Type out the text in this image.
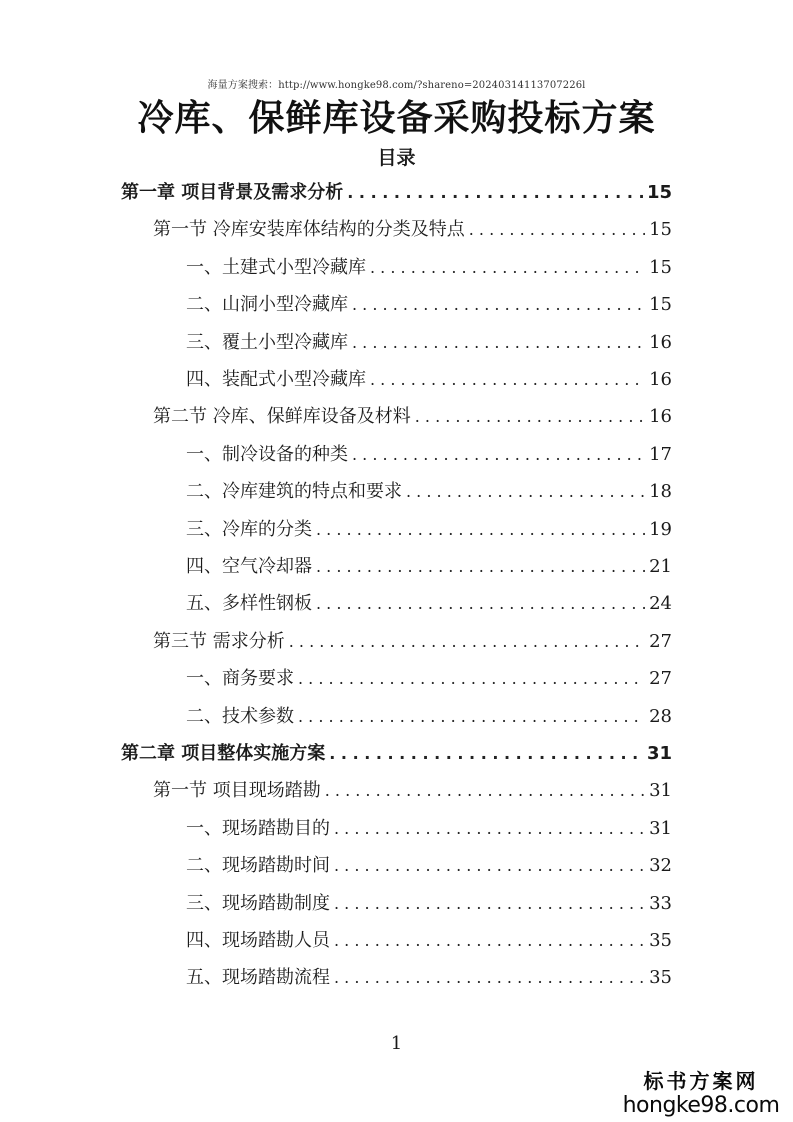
海量方案搜索：http://www.hongke98.com/?shareno=20240314113707226l
冷库、保鲜库设备采购投标方案
目录
第一章 项目背景及需求分析 . . .	15
第一节 冷库安装库体结构的分类及特点 . . .	15
一、土建式小型冷藏库 . . .	15
二、山洞小型冷藏库 . . .	15
三、覆土小型冷藏库 . . .	16
四、装配式小型冷藏库 . . .	16
第二节 冷库、保鲜库设备及材料 . . .	16
一、制冷设备的种类 . . .	17
二、冷库建筑的特点和要求 . . .	18
三、冷库的分类 . . .	19
四、空气冷却器 . . .	21
五、多样性钢板 . . .	24
第三节 需求分析 . . .	27
一、商务要求 . . .	27
二、技术参数 . . .	28
第二章 项目整体实施方案 . . .	31
第一节 项目现场踏勘 . . .	31
一、现场踏勘目的 . . .	31
二、现场踏勘时间 . . .	32
三、现场踏勘制度 . . .	33
四、现场踏勘人员 . . .	35
五、现场踏勘流程 . . .	35
1
标书方案网
hongke98.com
